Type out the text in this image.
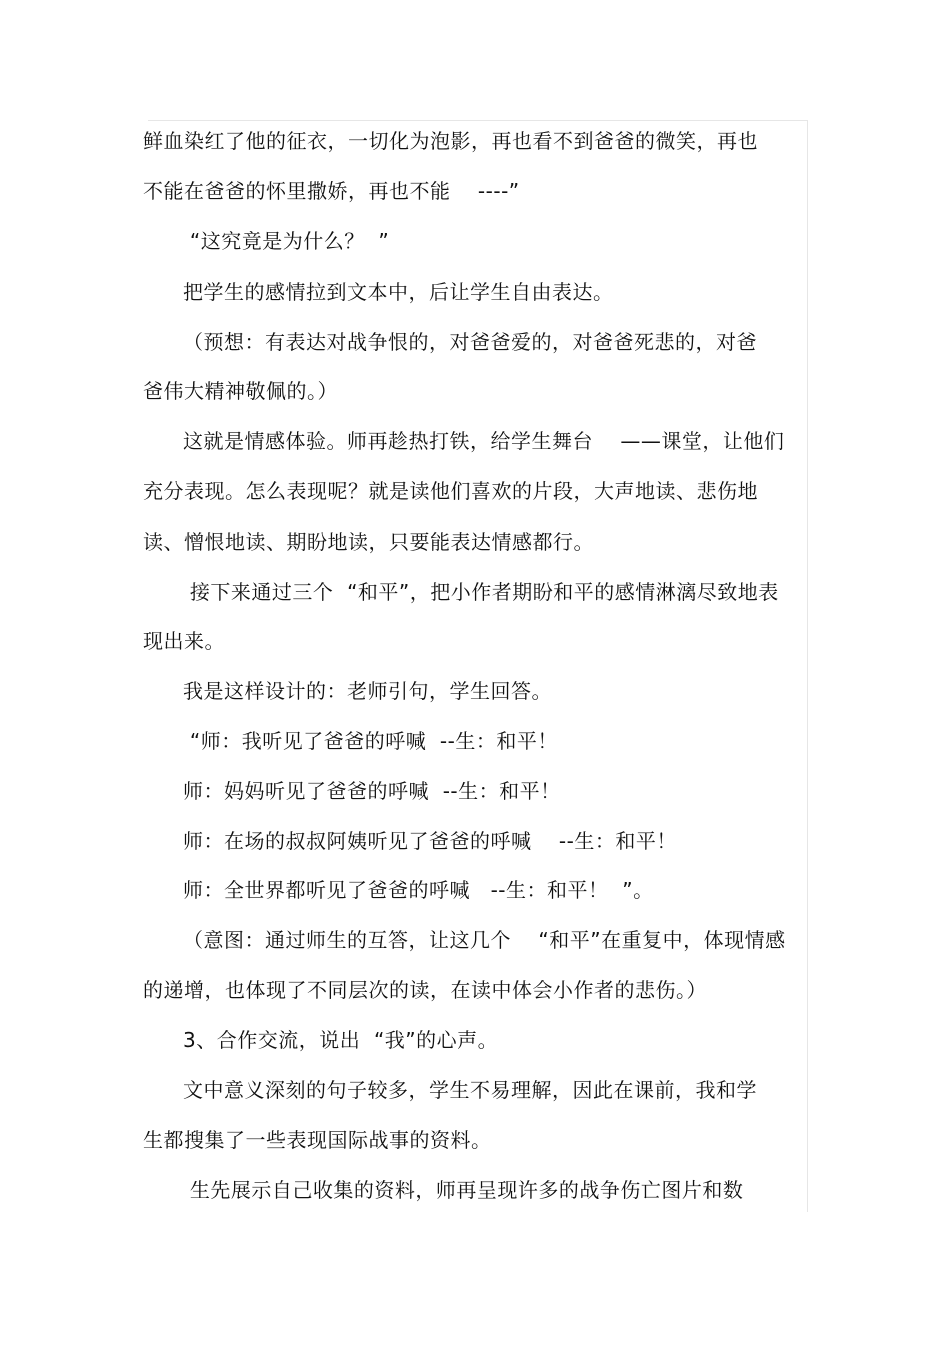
鲜血染红了他的征衣，一切化为泡影，再也看不到爸爸的微笑，再也
不能在爸爸的怀里撒娇，再也不能    ----”
“这究竟是为什么？  ”
把学生的感情拉到文本中，后让学生自由表达。
（预想：有表达对战争恨的，对爸爸爱的，对爸爸死悲的，对爸
爸伟大精神敬佩的。）
这就是情感体验。师再趁热打铁，给学生舞台    ——课堂，让他们
充分表现。怎么表现呢？就是读他们喜欢的片段，大声地读、悲伤地
读、憎恨地读、期盼地读，只要能表达情感都行。
接下来通过三个  “和平”，把小作者期盼和平的感情淋漓尽致地表
现出来。
我是这样设计的：老师引句，学生回答。
“师：我听见了爸爸的呼喊  --生：和平！
师：妈妈听见了爸爸的呼喊  --生：和平！
师：在场的叔叔阿姨听见了爸爸的呼喊    --生：和平！
师：全世界都听见了爸爸的呼喊   --生：和平！  ”。
（意图：通过师生的互答，让这几个    “和平”在重复中，体现情感
的递增，也体现了不同层次的读，在读中体会小作者的悲伤。）
3、合作交流，说出  “我”的心声。
文中意义深刻的句子较多，学生不易理解，因此在课前，我和学
生都搜集了一些表现国际战事的资料。
生先展示自己收集的资料，师再呈现许多的战争伤亡图片和数
